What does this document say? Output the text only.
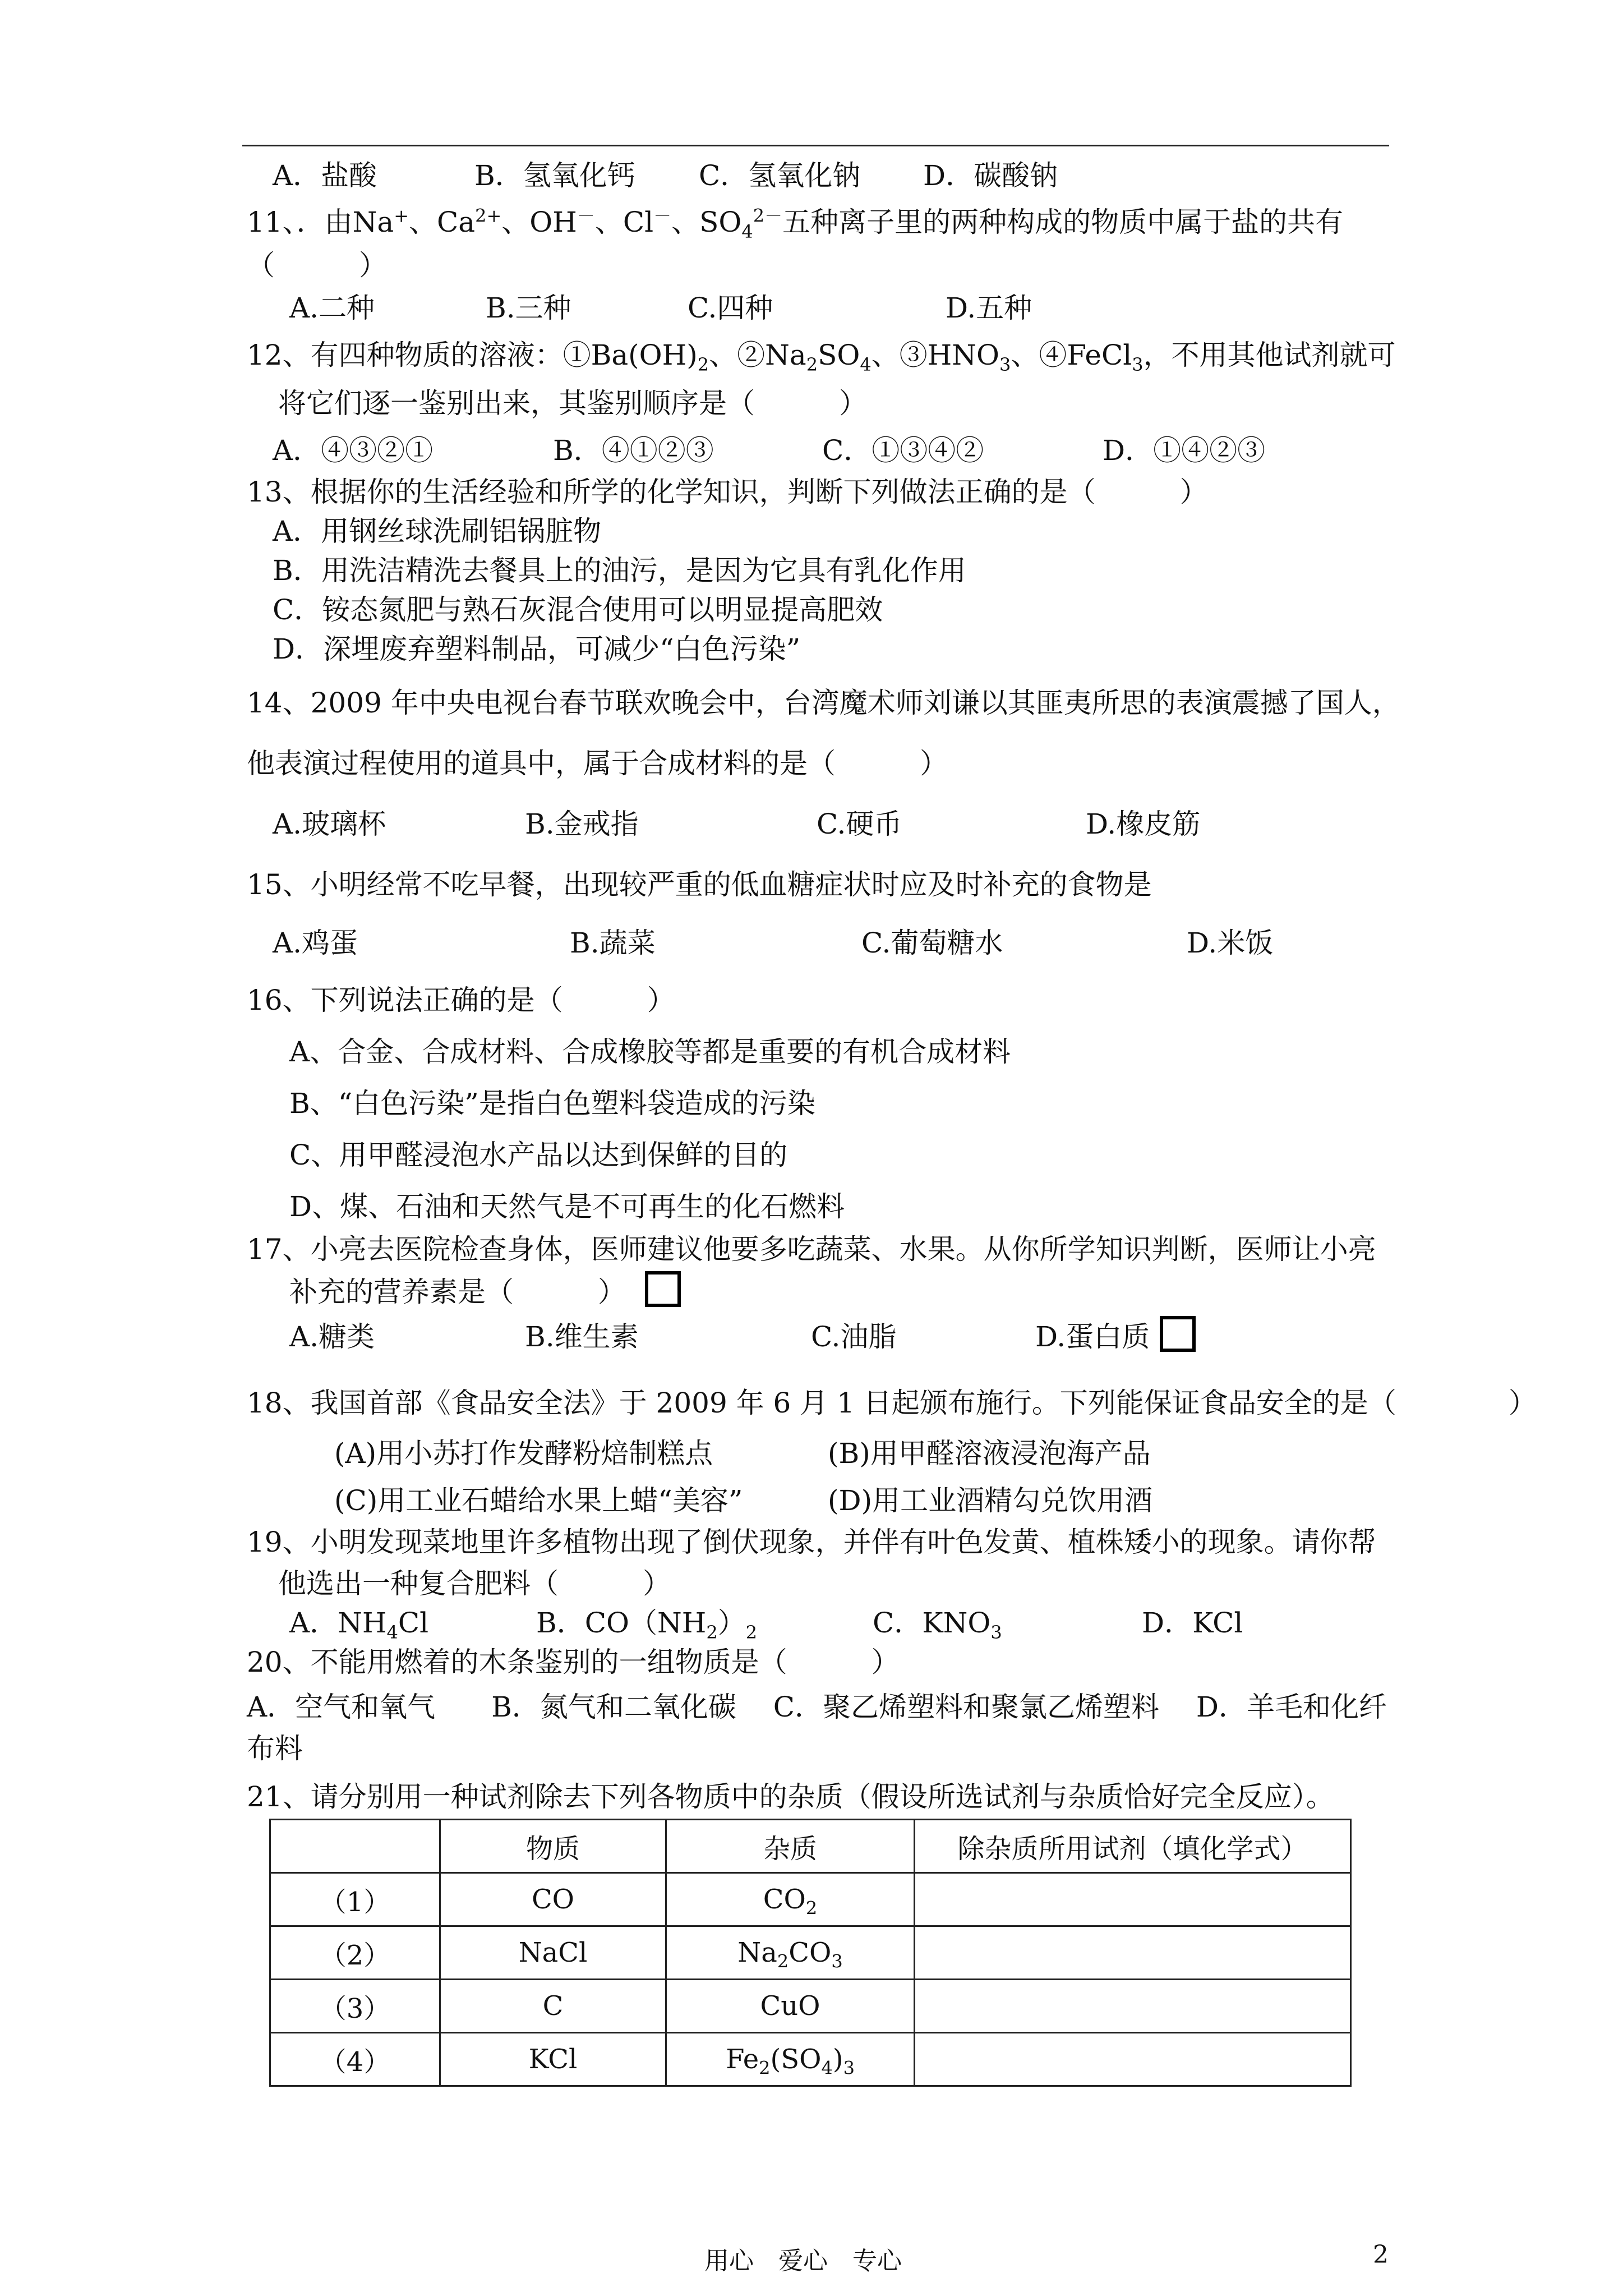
A．盐酸	B．氢氧化钙 C．氢氧化钠 D．碳酸钠
11、．由Na+、$Ca^{2+}$、OH－、Cl－、$SO_4^{2-}$五种离子里的两种构成的物质中属于盐的共有
（　　　）
A.二种	B.三种	C.四种	D.五种
12、有四种物质的溶液：$①Ba(OH)_2$、$②Na_2SO_4$、$③HNO_3$、④FeCl$_3$，不用其他试剂就可
将它们逐一鉴别出来，其鉴别顺序是（　　　）
A．④③②①	B．④①②③	C．①③④②	D．①④②③
13、根据你的生活经验和所学的化学知识，判断下列做法正确的是（　　　）
A．用钢丝球洗刷铝锅脏物
B．用洗洁精洗去餐具上的油污，是因为它具有乳化作用
C．铵态氮肥与熟石灰混合使用可以明显提高肥效
D．深埋废弃塑料制品，可减少“白色污染”
14、2009 年中央电视台春节联欢晚会中，台湾魔术师刘谦以其匪夷所思的表演震撼了国人，
他表演过程使用的道具中，属于合成材料的是（　　　）
A.玻璃杯	B.金戒指	C.硬币	D.橡皮筋
15、小明经常不吃早餐，出现较严重的低血糖症状时应及时补充的食物是
A.鸡蛋	B.蔬菜	C.葡萄糖水	D.米饭
16、下列说法正确的是（　　　）
A、合金、合成材料、合成橡胶等都是重要的有机合成材料
B、“白色污染”是指白色塑料袋造成的污染
C、用甲醛浸泡水产品以达到保鲜的目的
D、煤、石油和天然气是不可再生的化石燃料
17、小亮去医院检查身体，医师建议他要多吃蔬菜、水果。从你所学知识判断，医师让小亮
补充的营养素是（　　　）
A.糖类	B.维生素	C.油脂	D.蛋白质
18、我国首部《食品安全法》于 2009 年 6 月 1 日起颁布施行。下列能保证食品安全的是（　　　　）
(A)用小苏打作发酵粉焙制糕点	(B)用甲醛溶液浸泡海产品
(C)用工业石蜡给水果上蜡“美容”	(D)用工业酒精勾兑饮用酒
19、小明发现菜地里许多植物出现了倒伏现象，并伴有叶色发黄、植株矮小的现象。请你帮
他选出一种复合肥料（　　　）
A．$NH_4Cl$	B．$CO(NH_2)_2$	C．$KNO_3$	D．KCl
20、不能用燃着的木条鉴别的一组物质是（　　　）
A．空气和氧气　　B．氮气和二氧化碳　 C．聚乙烯塑料和聚氯乙烯塑料　 D．羊毛和化纤
布料
21、请分别用一种试剂除去下列各物质中的杂质（假设所选试剂与杂质恰好完全反应）。
	物质	杂质	除杂质所用试剂（填化学式）
（1）	CO	$CO_2$	
（2）	NaCl	$Na_2CO_3$	
（3）	C	CuO	
（4）	KCl	$Fe_2(SO_4)_3$	
用心　爱心　专心	2
